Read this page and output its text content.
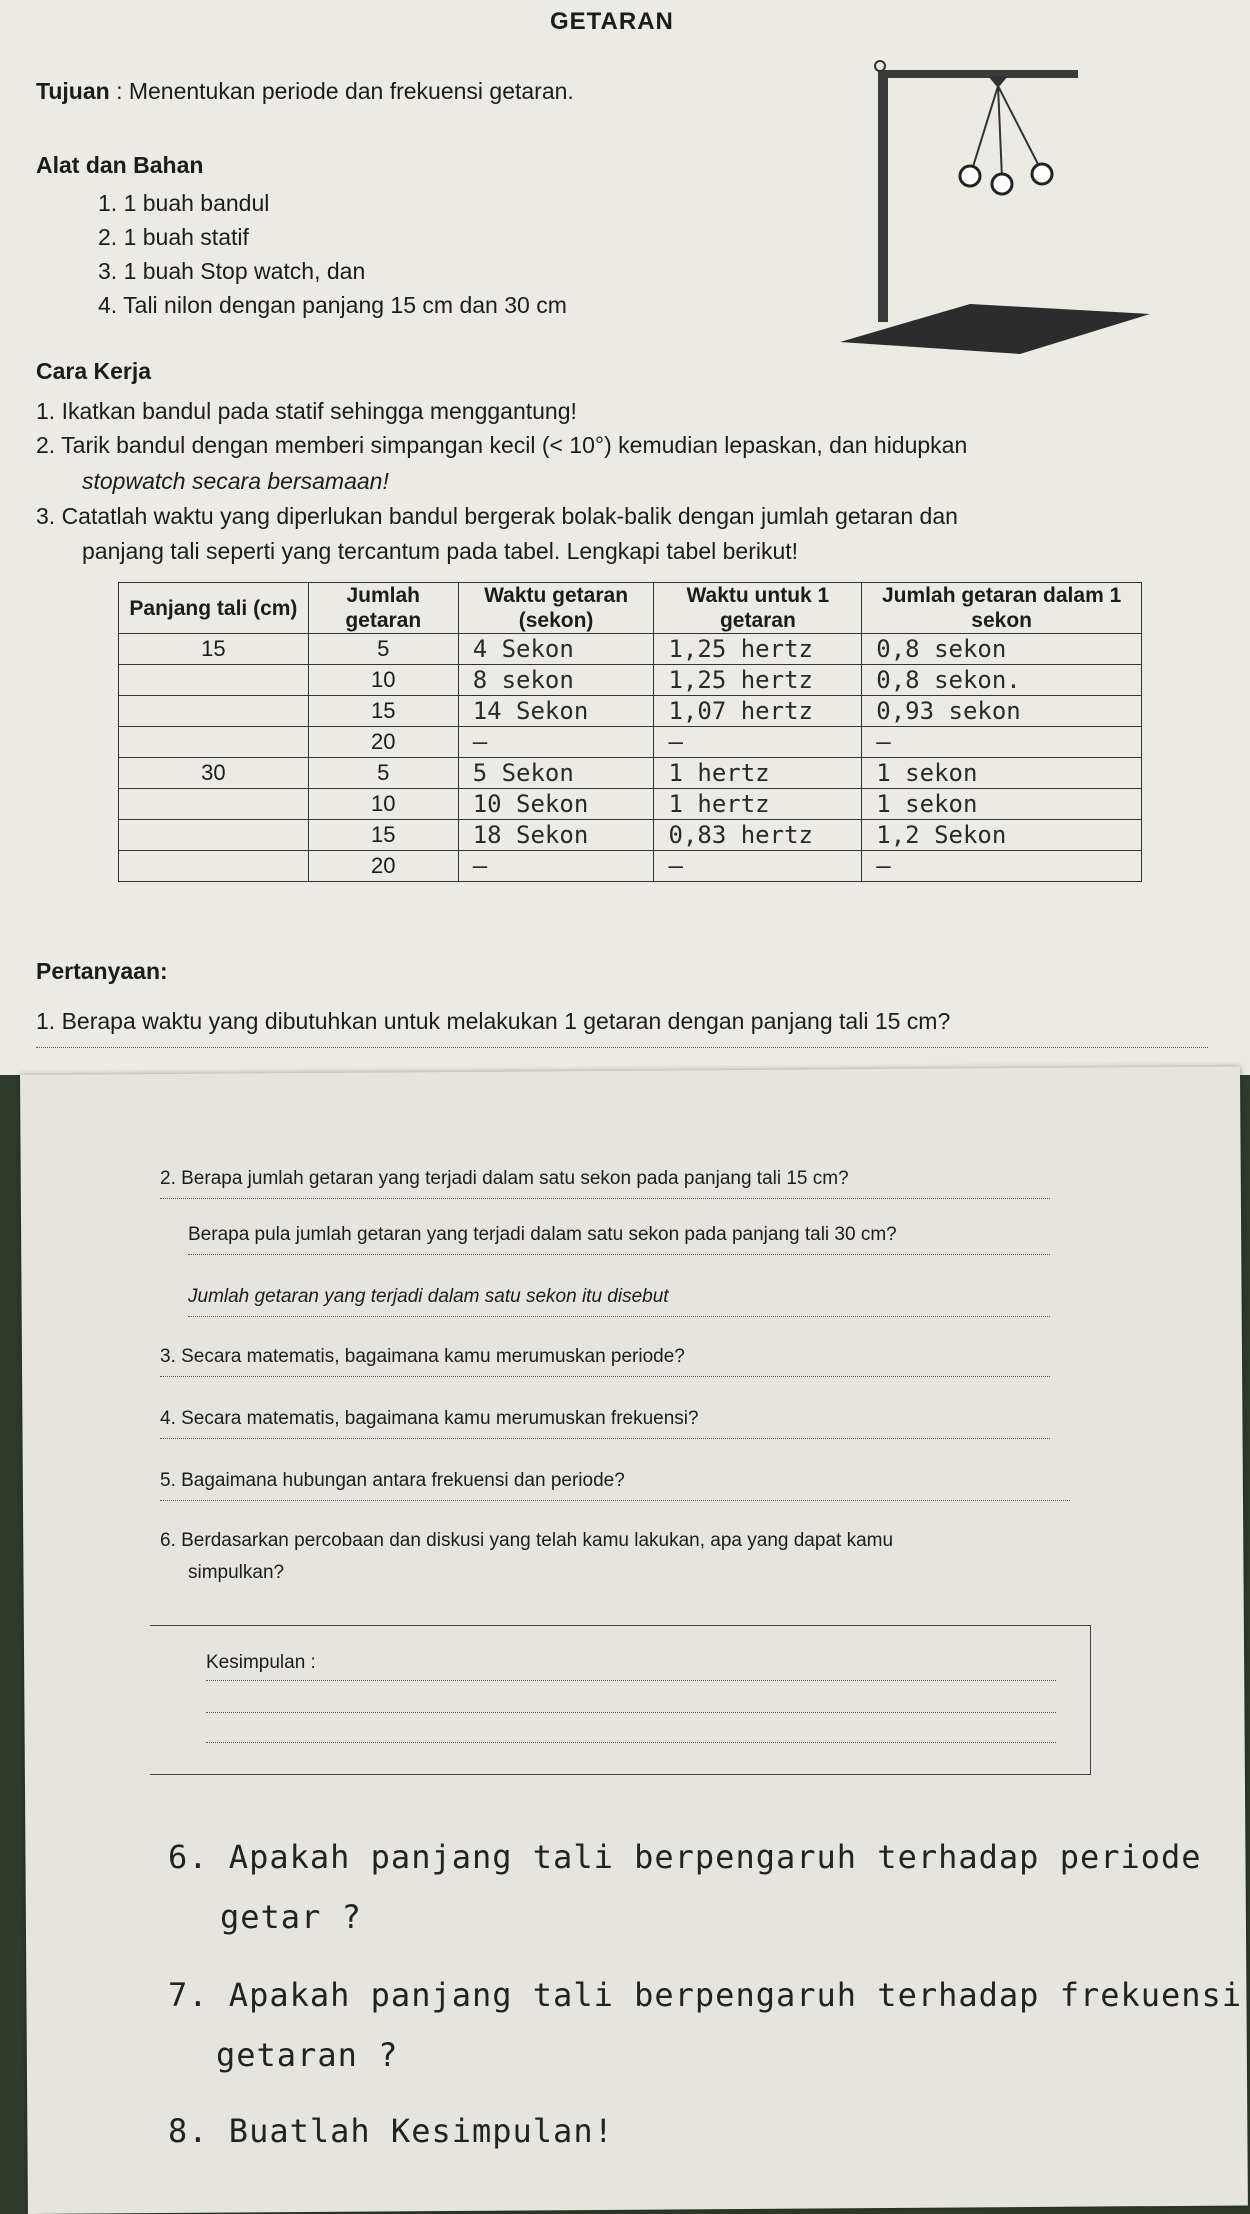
GETARAN
Tujuan : Menentukan periode dan frekuensi getaran.
Alat dan Bahan
1. 1 buah bandul
2. 1 buah statif
3. 1 buah Stop watch, dan
4. Tali nilon dengan panjang 15 cm dan 30 cm
Cara Kerja
1. Ikatkan bandul pada statif sehingga menggantung!
2. Tarik bandul dengan memberi simpangan kecil (< 10°) kemudian lepaskan, dan hidupkan
stopwatch secara bersamaan!
3. Catatlah waktu yang diperlukan bandul bergerak bolak-balik dengan jumlah getaran dan
panjang tali seperti yang tercantum pada tabel. Lengkapi tabel berikut!
Panjang tali (cm)	Jumlah getaran	Waktu getaran (sekon)	Waktu untuk 1 getaran	Jumlah getaran dalam 1 sekon
15	5	4 Sekon	1,25 hertz	0,8 sekon
	10	8 sekon	1,25 hertz	0,8 sekon.
	15	14 Sekon	1,07 hertz	0,93 sekon
	20	—	—	—
30	5	5 Sekon	1 hertz	1 sekon
	10	10 Sekon	1 hertz	1 sekon
	15	18 Sekon	0,83 hertz	1,2 Sekon
	20	—	—	—
Pertanyaan:
1. Berapa waktu yang dibutuhkan untuk melakukan 1 getaran dengan panjang tali 15 cm?
2. Berapa jumlah getaran yang terjadi dalam satu sekon pada panjang tali 15 cm?
Berapa pula jumlah getaran yang terjadi dalam satu sekon pada panjang tali 30 cm?
Jumlah getaran yang terjadi dalam satu sekon itu disebut
3. Secara matematis, bagaimana kamu merumuskan periode?
4. Secara matematis, bagaimana kamu merumuskan frekuensi?
5. Bagaimana hubungan antara frekuensi dan periode?
6. Berdasarkan percobaan dan diskusi yang telah kamu lakukan, apa yang dapat kamu
simpulkan?
Kesimpulan :
6. Apakah panjang tali berpengaruh terhadap periode
getar ?
7. Apakah panjang tali berpengaruh terhadap frekuensi
getaran ?
8. Buatlah Kesimpulan!
